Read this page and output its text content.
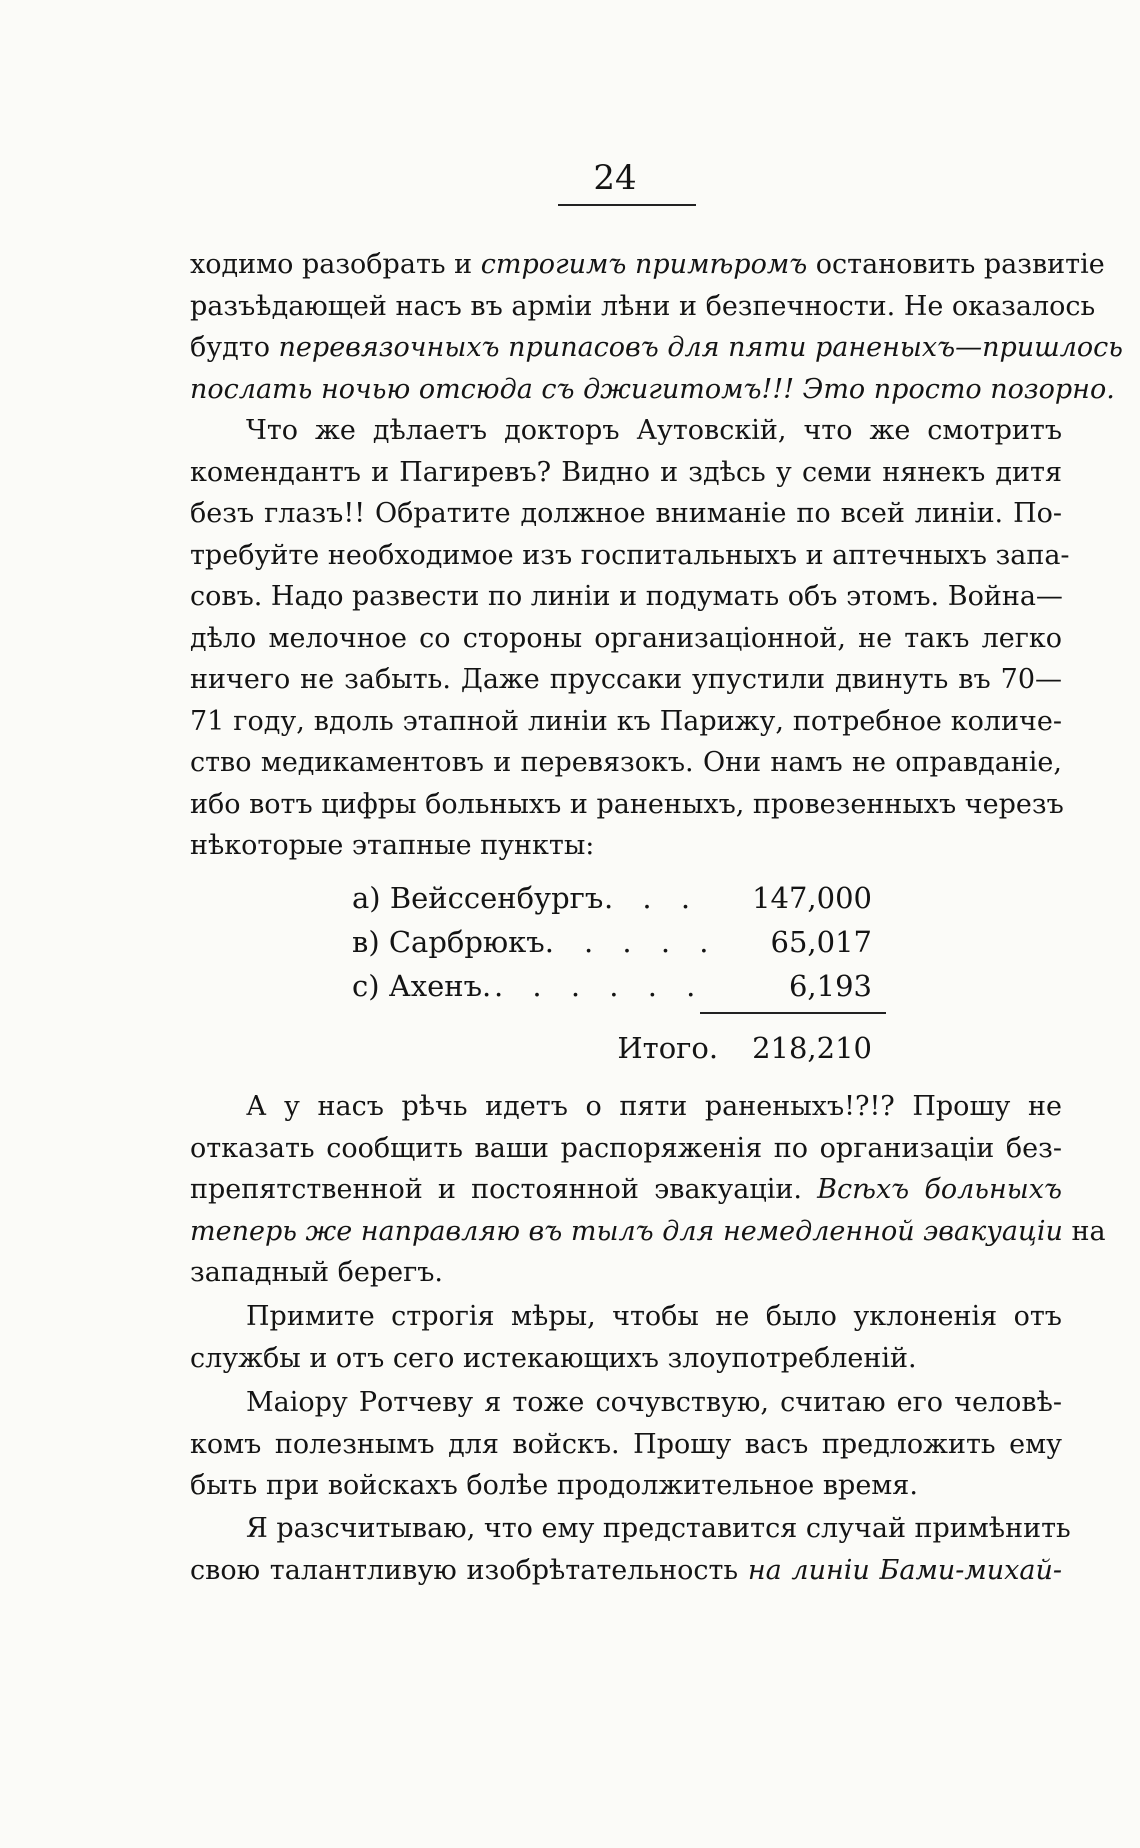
24
ходимо разобрать и строгимъ примѣромъ остановить развитіе
разъѣдающей насъ въ арміи лѣни и безпечности. Не оказалось
будто перевязочныхъ припасовъ для пяти раненыхъ—пришлось
послать ночью отсюда съ джигитомъ!!! Это просто позорно.
Что же дѣлаетъ докторъ Аутовскій, что же смотритъ
комендантъ и Пагиревъ? Видно и здѣсь у семи нянекъ дитя
безъ глазъ!! Обратите должное вниманіе по всей линіи. По-
требуйте необходимое изъ госпитальныхъ и аптечныхъ запа-
совъ. Надо развести по линіи и подумать объ этомъ. Война—
дѣло мелочное со стороны организаціонной, не такъ легко
ничего не забыть. Даже пруссаки упустили двинуть въ 70—
71 году, вдоль этапной линіи къ Парижу, потребное количе-
ство медикаментовъ и перевязокъ. Они намъ не оправданіе,
ибо вотъ цифры больныхъ и раненыхъ, провезенныхъ черезъ
нѣкоторые этапные пункты:
а) Вейссенбургъ . . . 147,000
в) Сарбрюкъ. . . . . 65,017
с) Ахенъ. . . . . . .	6,193
Итого. 218,210
А у насъ рѣчь идетъ о пяти раненыхъ!?!? Прошу не
отказать сообщить ваши распоряженія по организаціи без-
препятственной и постоянной эвакуаціи. Всѣхъ больныхъ
теперь же направляю въ тылъ для немедленной эвакуаціи на
западный берегъ.
Примите строгія мѣры, чтобы не было уклоненія отъ
службы и отъ сего истекающихъ злоупотребленій.
Маіору Ротчеву я тоже сочувствую, считаю его человѣ-
комъ полезнымъ для войскъ. Прошу васъ предложить ему
быть при войскахъ болѣе продолжительное время.
Я разсчитываю, что ему представится случай примѣнить
свою талантливую изобрѣтательность на линіи Бами-михай-
